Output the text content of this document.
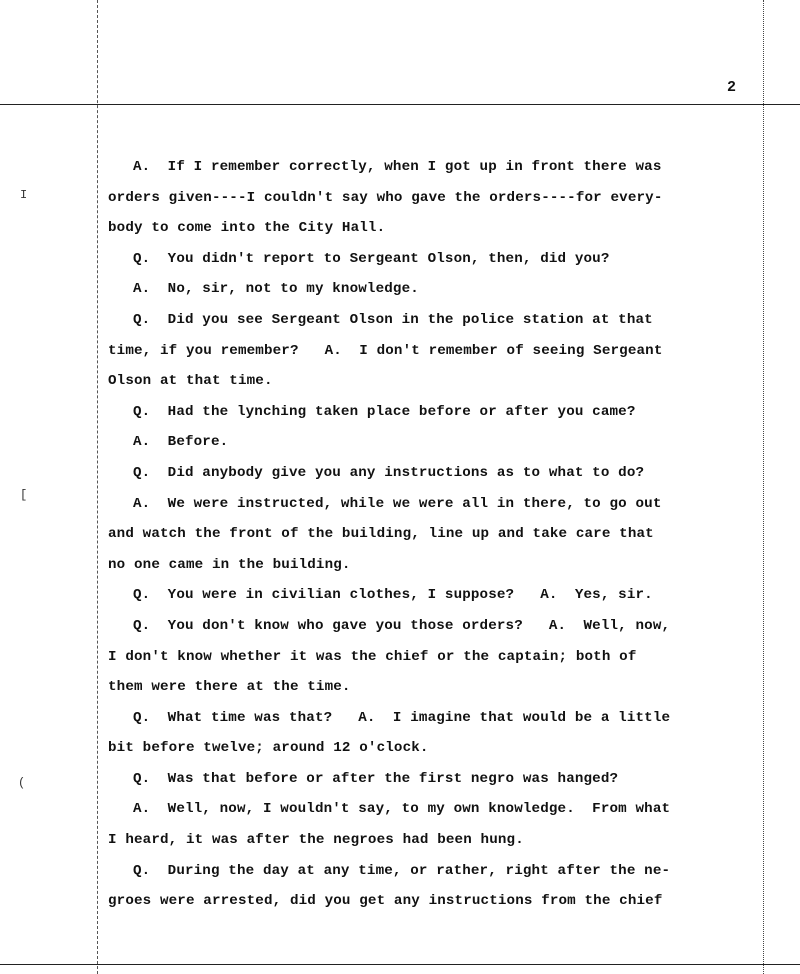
2
I
[
(
A.  If I remember correctly, when I got up in front there was
orders given----I couldn't say who gave the orders----for every-
body to come into the City Hall.
Q.  You didn't report to Sergeant Olson, then, did you?
A.  No, sir, not to my knowledge.
Q.  Did you see Sergeant Olson in the police station at that
time, if you remember?   A.  I don't remember of seeing Sergeant
Olson at that time.
Q.  Had the lynching taken place before or after you came?
A.  Before.
Q.  Did anybody give you any instructions as to what to do?
A.  We were instructed, while we were all in there, to go out
and watch the front of the building, line up and take care that
no one came in the building.
Q.  You were in civilian clothes, I suppose?   A.  Yes, sir.
Q.  You don't know who gave you those orders?   A.  Well, now,
I don't know whether it was the chief or the captain; both of
them were there at the time.
Q.  What time was that?   A.  I imagine that would be a little
bit before twelve; around 12 o'clock.
Q.  Was that before or after the first negro was hanged?
A.  Well, now, I wouldn't say, to my own knowledge.  From what
I heard, it was after the negroes had been hung.
Q.  During the day at any time, or rather, right after the ne-
groes were arrested, did you get any instructions from the chief
